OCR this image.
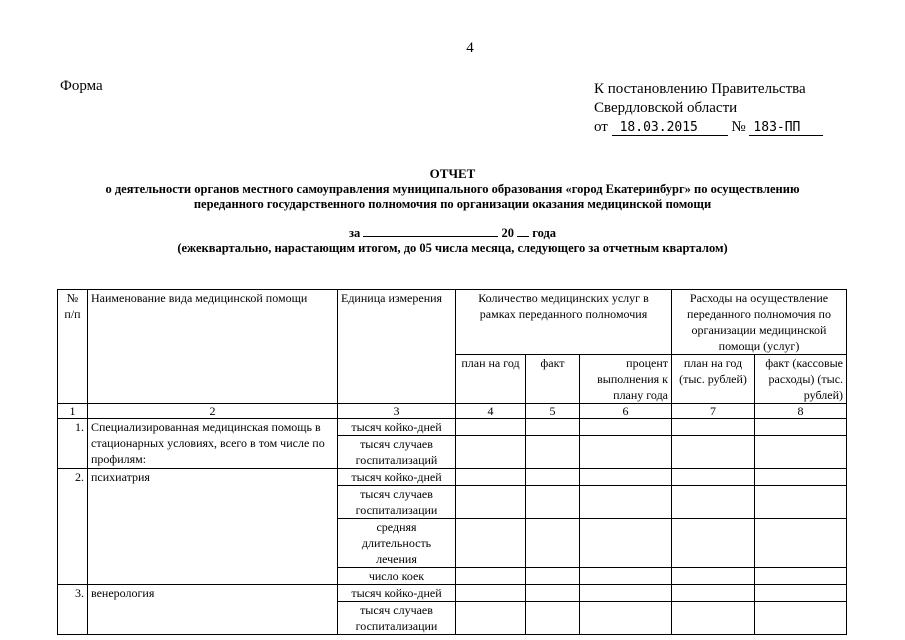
4
Форма	К постановлению Правительства
Свердловской области
от 18.03.2015 № 183-ПП
ОТЧЕТ
о деятельности органов местного самоуправления муниципального образования «город Екатеринбург» по осуществлению
переданного государственного полномочия по организации оказания медицинской помощи
за	20 года
(ежеквартально, нарастающим итогом, до 05 числа месяца, следующего за отчетным кварталом)
№ п/п	Наименование вида медицинской помощи	Единица измерения	Количество медицинских услуг в рамках переданного полномочия			Расходы на осуществление переданного полномочия по организации медицинской помощи (услуг)	
			план на год	факт	процент выполнения к плану года	план на год (тыс. рублей)	факт (кассовые расходы) (тыс. рублей)
1	2	3	4	5	6	7	8
1.	Специализированная медицинская помощь в стационарных условиях, всего в том числе по профилям:	тысяч койко-дней					
		тысяч случаев госпитализаций					
2.	психиатрия	тысяч койко-дней					
		тысяч случаев госпитализации					
		средняя длительность лечения					
		число коек					
3.	венерология	тысяч койко-дней					
		тысяч случаев госпитализации					
